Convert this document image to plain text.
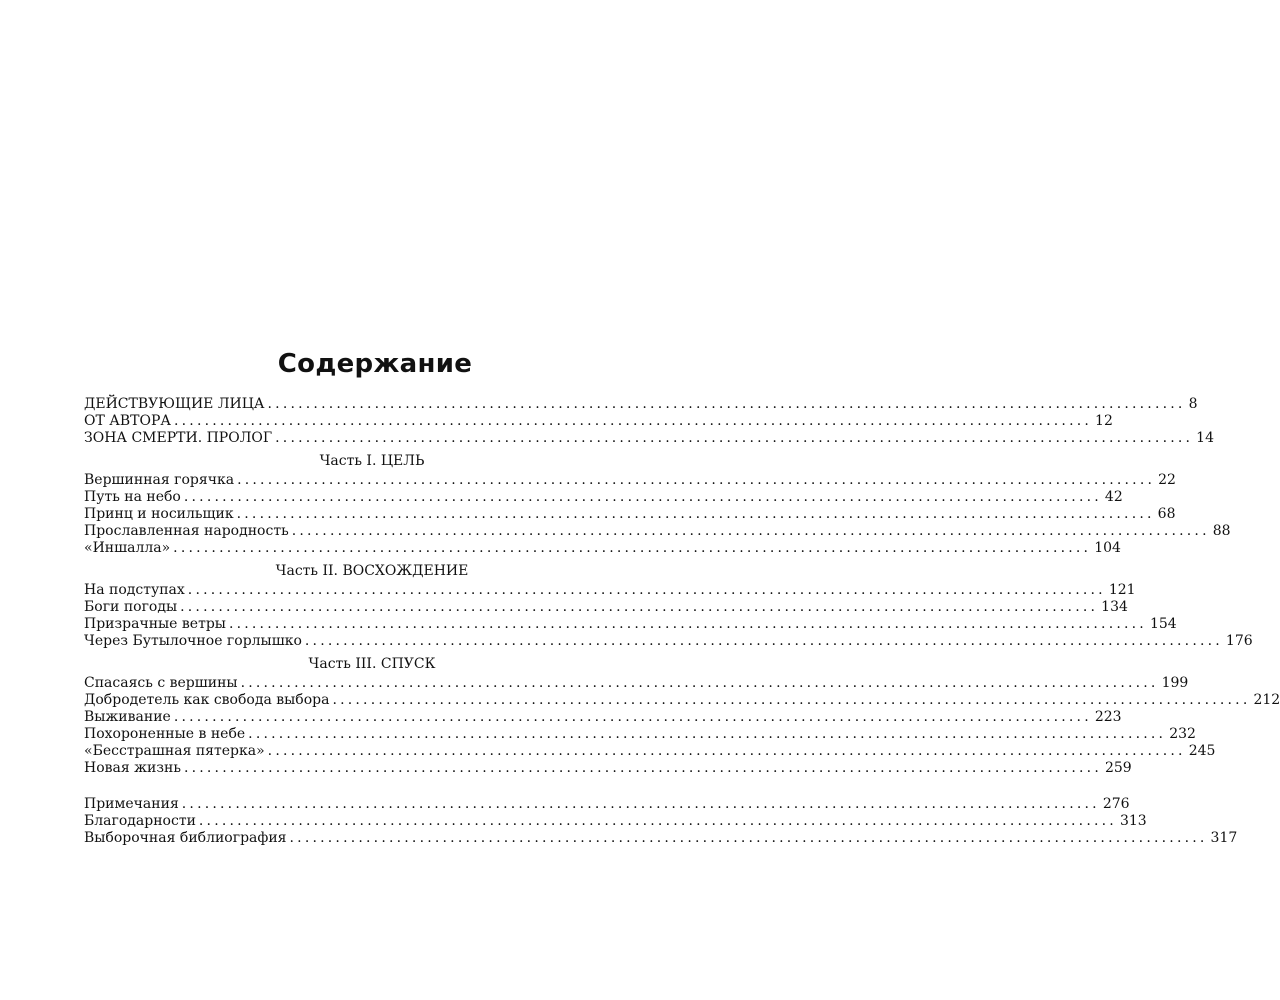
Содержание
ДЕЙСТВУЮЩИЕ ЛИЦА ........................................................................................................................ 8
ОТ АВТОРА ........................................................................................................................ 12
ЗОНА СМЕРТИ. ПРОЛОГ ........................................................................................................................ 14
Часть I. ЦЕЛЬ
Вершинная горячка ........................................................................................................................ 22
Путь на небо ........................................................................................................................ 42
Принц и носильщик ........................................................................................................................ 68
Прославленная народность ........................................................................................................................ 88
«Иншалла» ........................................................................................................................ 104
Часть II. ВОСХОЖДЕНИЕ
На подступах ........................................................................................................................ 121
Боги погоды ........................................................................................................................ 134
Призрачные ветры ........................................................................................................................ 154
Через Бутылочное горлышко ........................................................................................................................ 176
Часть III. СПУСК
Спасаясь с вершины ........................................................................................................................ 199
Добродетель как свобода выбора ........................................................................................................................ 212
Выживание ........................................................................................................................ 223
Похороненные в небе ........................................................................................................................ 232
«Бесстрашная пятерка» ........................................................................................................................ 245
Новая жизнь ........................................................................................................................ 259
Примечания ........................................................................................................................ 276
Благодарности ........................................................................................................................ 313
Выборочная библиография ........................................................................................................................ 317
